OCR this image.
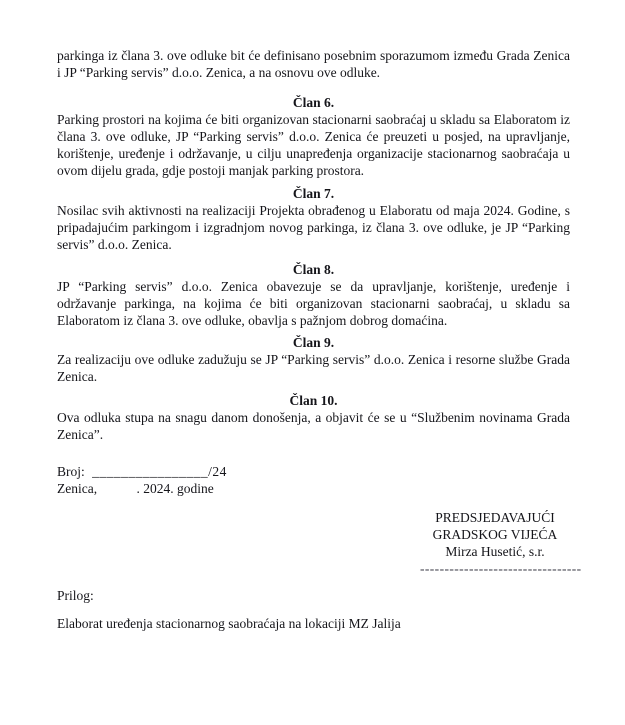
parkinga iz člana 3. ove odluke bit će definisano posebnim sporazumom između Grada Zenica i JP “Parking servis” d.o.o. Zenica, a na osnovu ove odluke.

Član 6.

Parking prostori na kojima će biti organizovan stacionarni saobraćaj u skladu sa Elaboratom iz člana 3. ove odluke, JP “Parking servis” d.o.o. Zenica će preuzeti u posjed, na upravljanje, korištenje, uređenje i održavanje, u cilju unapređenja organizacije stacionarnog saobraćaja u ovom dijelu grada, gdje postoji manjak parking prostora.

Član 7.

Nosilac svih aktivnosti na realizaciji Projekta obrađenog u Elaboratu od maja 2024. Godine, s pripadajućim parkingom i izgradnjom novog parkinga, iz člana 3. ove odluke, je JP “Parking servis” d.o.o. Zenica.

Član 8.

JP “Parking servis” d.o.o. Zenica obavezuje se da upravljanje, korištenje, uređenje i održavanje parkinga, na kojima će biti organizovan stacionarni saobraćaj, u skladu sa Elaboratom iz člana 3. ove odluke, obavlja s pažnjom dobrog domaćina.

Član 9.

Za realizaciju ove odluke zadužuju se JP “Parking servis” d.o.o. Zenica i resorne službe Grada Zenica.

Član 10.

Ova odluka stupa na snagu danom donošenja, a objavit će se u “Službenim novinama Grada Zenica”.

Broj: ________________/24
Zenica,	. 2024. godine
PREDSJEDAVAJUĆI
GRADSKOG VIJEĆA
Mirza Husetić, s.r.
---------------------------------
Prilog:
Elaborat uređenja stacionarnog saobraćaja na lokaciji MZ Jalija
